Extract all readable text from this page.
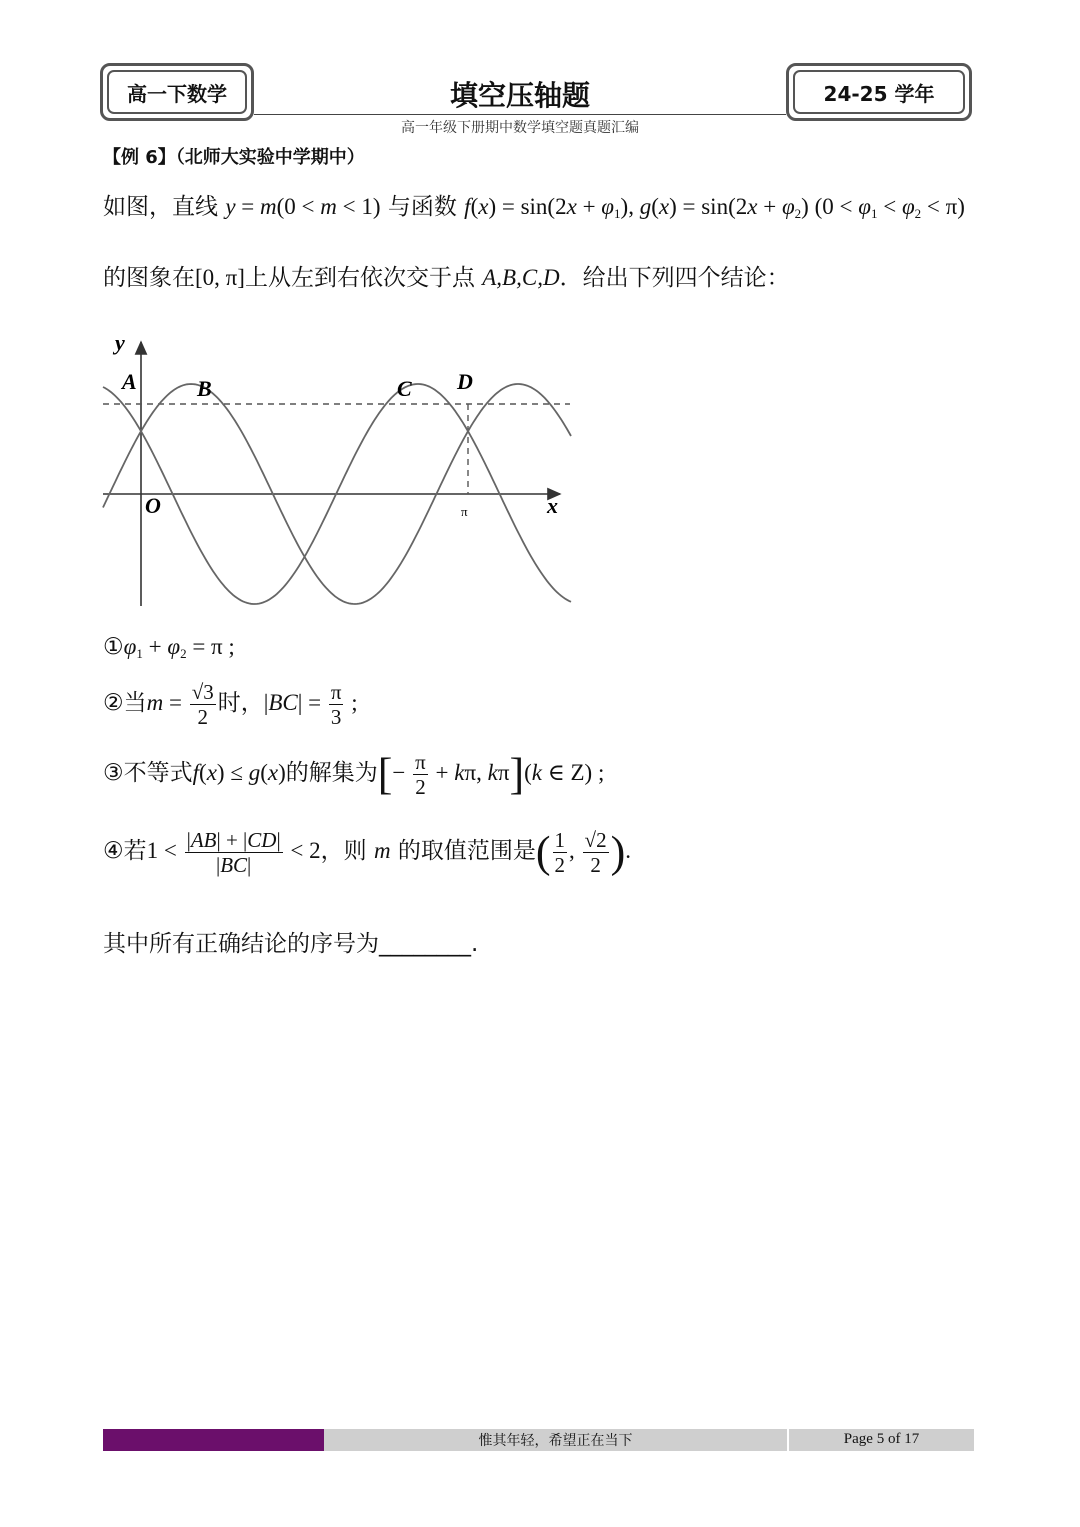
高一下数学	填空压轴题
高一年级下册期中数学填空题真题汇编
24-25 学年
【例 6】（北师大实验中学期中）
如图，直线 y = m(0 < m < 1) 与函数 $f(x) = \sin(2x + \varphi_1)$, $g(x) = \sin(2x + \varphi_2)$ $(0 < \varphi_1 < \varphi_2 < \pi)$
的图象在[0, π]上从左到右依次交于点 A,B,C,D．给出下列四个结论：
y
x
O	π
A	B	C D
$①\varphi_1 + \varphi_2 = \pi$ ;
②当$m = \frac{√3}{2}$ 时，$|BC| = \frac{\pi}{3}$ ;
③不等式f(x) ≤ g(x)的解集为[− $\frac{\pi}{2} + k\pi$, kπ](k ∈ Z) ;
④若$1 < \frac{|AB| + |CD|}{|BC|} < 2$，则 m 的取值范围是( $\frac{1}{2}$ , $\frac{√2}{2}$ ).
其中所有正确结论的序号为________.
惟其年轻，希望正在当下	Page 5 of 17
